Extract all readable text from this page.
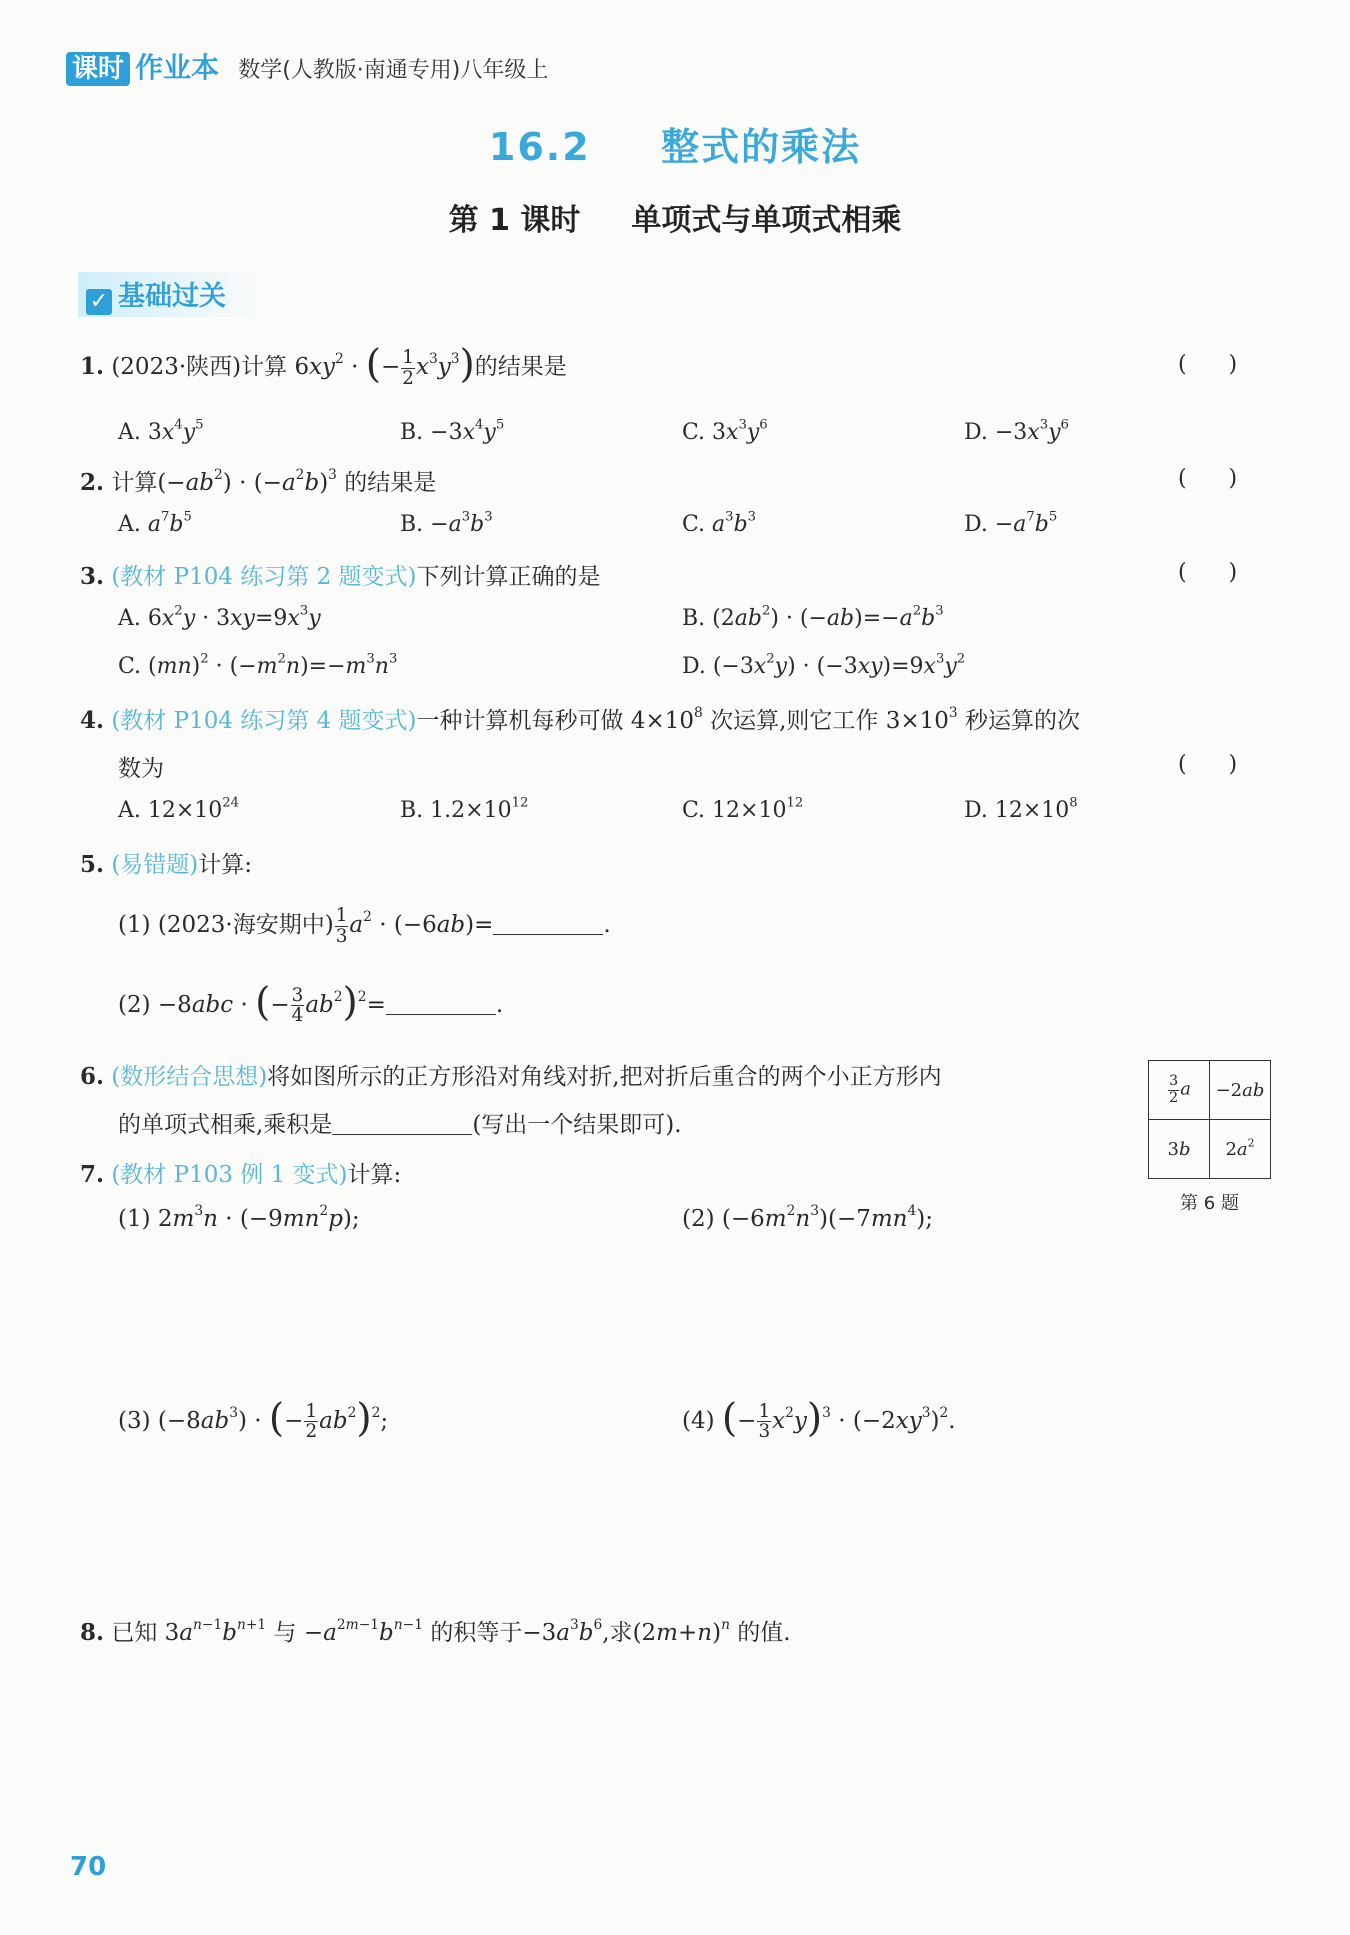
课时 作业本 数学(人教版·南通专用)八年级上
16.2 整式的乘法
第 1 课时 单项式与单项式相乘
✓ 基础过关
1. (2023·陕西)计算 $6xy^2$ · (− $\frac{1}{2} x^3y^3$)的结果是	(      )
A. $3x^4y^5$	B. $-3x^4y^5$	C. $3x^3y^6$	D. $-3x^3y^6$
2. 计算$(-ab^2) \cdot (-a^2b)^3$ 的结果是	(      )
A. $a^7b^5$	B. $-a^3b^3$	C. $a^3b^3$	D. $-a^7b^5$
3. (教材 P104 练习第 2 题变式)下列计算正确的是	(      )
A. $6x^2y \cdot 3xy=9x^3y$	B. $(2ab^2) \cdot (-ab)=-a^2b^3$
C. $(mn)^2 \cdot (-m^2n)=-m^3n^3$	D. $(-3x^2y) \cdot (-3xy)=9x^3y^2$
4. (教材 P104 练习第 4 题变式)一种计算机每秒可做 $4\times 10^8$ 次运算,则它工作 $3\times 10^3$ 秒运算的次
数为	(      )
A. $12\times 10^{24}$	B. $1.2\times 10^{12}$	C. $12\times 10^{12}$	D. $12\times 10^8$
5. (易错题)计算:
(1) (2023·海安期中) $\frac{1}{3} a^2 \cdot (-6ab)=$	.
(2) −8abc · (− $\frac{3}{4} ab^2)^2=$	.
6. (数形结合思想)将如图所示的正方形沿对角线对折,把对折后重合的两个小正方形内
的单项式相乘,乘积是	(写出一个结果即可).
$\frac{3}{2}$ a	−2ab
3b	$2a^2$
第 6 题
7. (教材 P103 例 1 变式)计算:
(1) $2m^3n \cdot (-9mn^2p)$;	(2) $(-6m^2n^3)(-7mn^4)$;
(3) $(-8ab^3)$ · (− $\frac{1}{2} ab^2)^2$;	(4) (− $\frac{1}{3} x^2y)^3 \cdot (-2xy^3)^2$.
8. 已知 $3a^{n-1}b^{n+1}$ 与 $-a^{2m-1}b^{n-1}$ 的积等于$-3a^3b^6$,求$(2m+n)^n$ 的值.
70
